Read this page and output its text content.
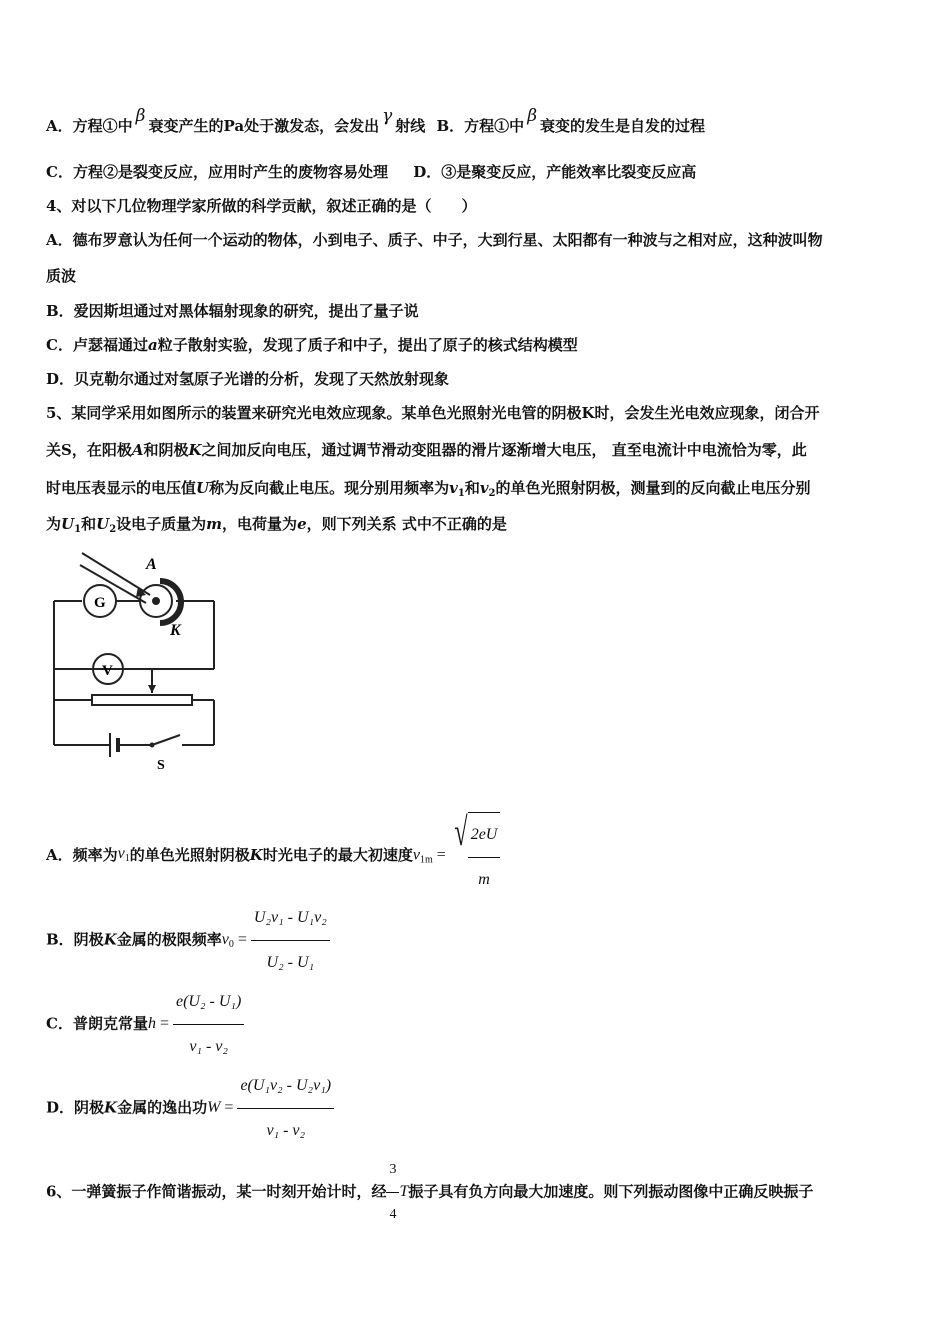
A．方程①中 β 衰变产生的Pa处于激发态，会发出 γ 射线 B．方程①中 β 衰变的发生是自发的过程
C．方程②是裂变反应，应用时产生的废物容易处理 D．③是聚变反应，产能效率比裂变反应高
4、对以下几位物理学家所做的科学贡献，叙述正确的是（　　）
A．德布罗意认为任何一个运动的物体，小到电子、质子、中子，大到行星、太阳都有一种波与之相对应，这种波叫物
质波
B．爱因斯坦通过对黑体辐射现象的研究，提出了量子说
C．卢瑟福通过a粒子散射实验，发现了质子和中子，提出了原子的核式结构模型
D．贝克勒尔通过对氢原子光谱的分析，发现了天然放射现象
5、某同学采用如图所示的装置来研究光电效应现象。某单色光照射光电管的阴极K时，会发生光电效应现象，闭合开
关S，在阳极A和阴极K之间加反向电压，通过调节滑动变阻器的滑片逐渐增大电压， 直至电流计中电流恰为零，此
时电压表显示的电压值U称为反向截止电压。现分别用频率为$v_1$和$v_2$的单色光照射阴极，测量到的反向截止电压分别
为$U_1$和$U_2$设电子质量为m，电荷量为e，则下列关系 式中不正确的是
A
K
G
V
S
A．频率为$v_1$的单色光照射阴极K时光电子的最大初速度$v_{1m}$ =
√ $\frac{2eU}{m}$
B．阴极K金属的极限频率$v_0 = \frac{\text{U₂v₁ - U₁v₂}}{\text{U₂ - U₁}}$
C．普朗克常量$h = \frac{\text{e(U₂ - U₁)}}{\text{v₁ - v₂}}$
D．阴极K金属的逸出功$W = \frac{\text{e(U₁v₂ - U₂v₁)}}{\text{v₁ - v₂}}$
6、一弹簧振子作简谐振动，某一时刻开始计时，经 $\frac{3}{4}$ T振子具有负方向最大加速度。则下列振动图像中正确反映振子
